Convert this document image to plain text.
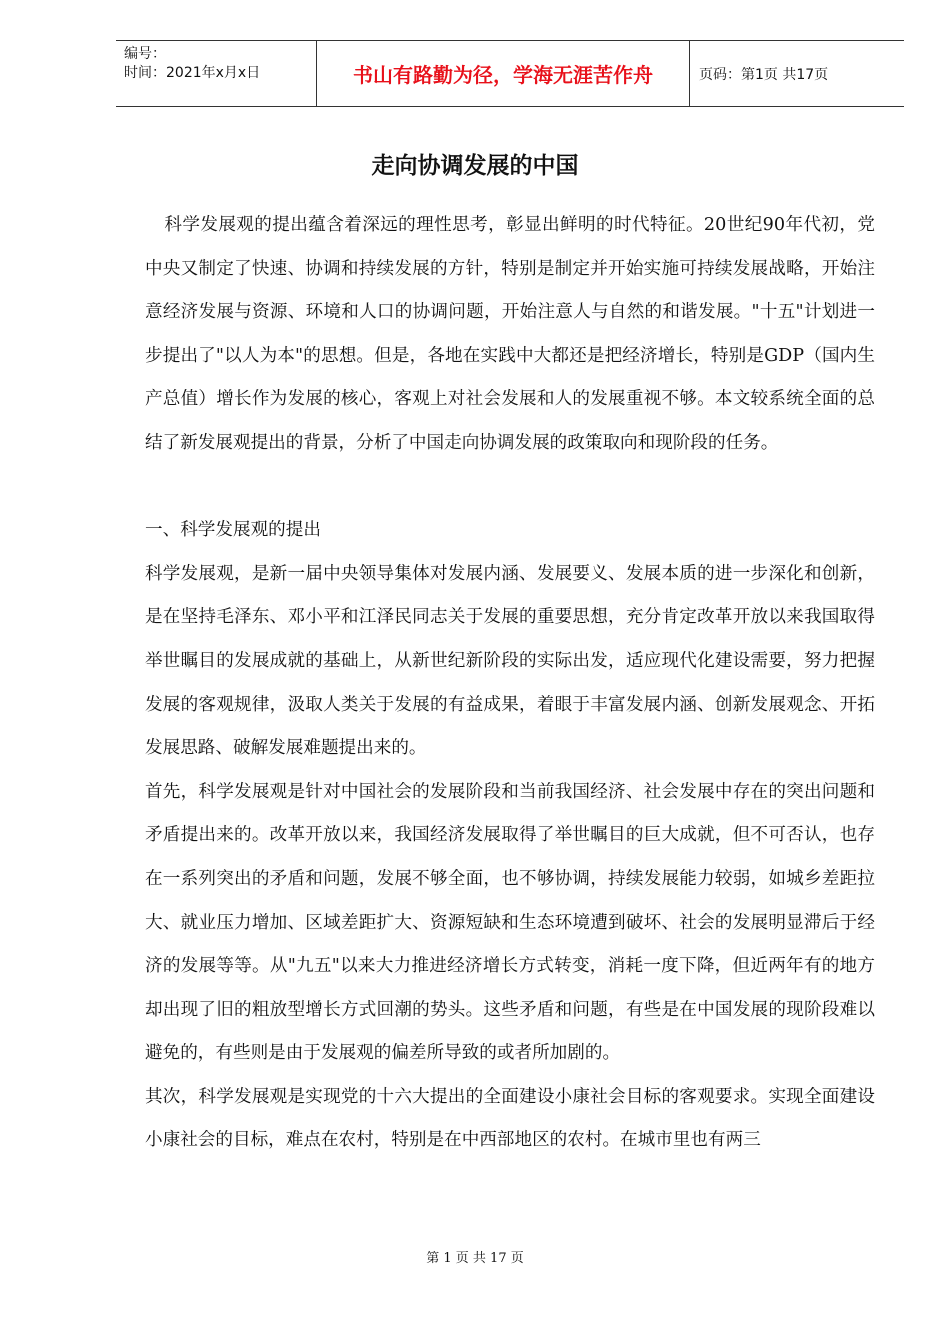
编号：
时间：2021年x月x日	书山有路勤为径，学海无涯苦作舟	页码：第1页 共17页
走向协调发展的中国

科学发展观的提出蕴含着深远的理性思考，彰显出鲜明的时代特征。20世纪90年代初，党中央又制定了快速、协调和持续发展的方针，特别是制定并开始实施可持续发展战略，开始注意经济发展与资源、环境和人口的协调问题，开始注意人与自然的和谐发展。"十五"计划进一步提出了"以人为本"的思想。但是，各地在实践中大都还是把经济增长，特别是GDP（国内生产总值）增长作为发展的核心，客观上对社会发展和人的发展重视不够。本文较系统全面的总结了新发展观提出的背景，分析了中国走向协调发展的政策取向和现阶段的任务。

一、科学发展观的提出

科学发展观，是新一届中央领导集体对发展内涵、发展要义、发展本质的进一步深化和创新，是在坚持毛泽东、邓小平和江泽民同志关于发展的重要思想，充分肯定改革开放以来我国取得举世瞩目的发展成就的基础上，从新世纪新阶段的实际出发，适应现代化建设需要，努力把握发展的客观规律，汲取人类关于发展的有益成果，着眼于丰富发展内涵、创新发展观念、开拓发展思路、破解发展难题提出来的。

首先，科学发展观是针对中国社会的发展阶段和当前我国经济、社会发展中存在的突出问题和矛盾提出来的。改革开放以来，我国经济发展取得了举世瞩目的巨大成就，但不可否认，也存在一系列突出的矛盾和问题，发展不够全面，也不够协调，持续发展能力较弱，如城乡差距拉大、就业压力增加、区域差距扩大、资源短缺和生态环境遭到破坏、社会的发展明显滞后于经济的发展等等。从"九五"以来大力推进经济增长方式转变，消耗一度下降，但近两年有的地方却出现了旧的粗放型增长方式回潮的势头。这些矛盾和问题，有些是在中国发展的现阶段难以避免的，有些则是由于发展观的偏差所导致的或者所加剧的。

其次，科学发展观是实现党的十六大提出的全面建设小康社会目标的客观要求。实现全面建设小康社会的目标，难点在农村，特别是在中西部地区的农村。在城市里也有两三

第 1 页 共 17 页
